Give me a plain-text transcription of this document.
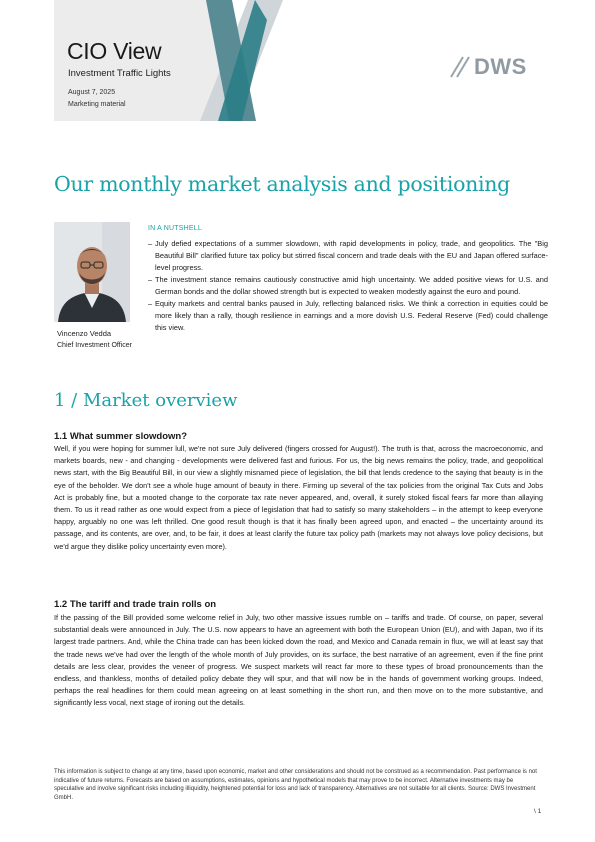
CIO View
Investment Traffic Lights
August 7, 2025
Marketing material
DWS
Our monthly market analysis and positioning
Vincenzo Vedda
Chief Investment Officer
IN A NUTSHELL
– July defied expectations of a summer slowdown, with rapid developments in policy, trade, and geopolitics. The "Big Beautiful Bill" clarified future tax policy but stirred fiscal concern and trade deals with the EU and Japan offered surface-level progress.
– The investment stance remains cautiously constructive amid high uncertainty. We added positive views for U.S. and German bonds and the dollar showed strength but is expected to weaken modestly against the euro and pound.
– Equity markets and central banks paused in July, reflecting balanced risks. We think a correction in equities could be more likely than a rally, though resilience in earnings and a more dovish U.S. Federal Reserve (Fed) could challenge this view.
1 / Market overview
1.1 What summer slowdown?

Well, if you were hoping for summer lull, we're not sure July delivered (fingers crossed for August!). The truth is that, across the macroeconomic, and markets boards, new - and changing - developments were delivered fast and furious. For us, the big news remains the policy, trade, and geopolitical news start, with the Big Beautiful Bill, in our view a slightly misnamed piece of legislation, the bill that lends credence to the saying that beauty is in the eye of the beholder. We don't see a whole huge amount of beauty in there. Firming up several of the tax policies from the original Tax Cuts and Jobs Act is probably fine, but a mooted change to the corporate tax rate never appeared, and, overall, it surely stoked fiscal fears far more than allaying them. To us it read rather as one would expect from a piece of legislation that had to satisfy so many stakeholders – in the attempt to keep everyone happy, arguably no one was left thrilled. One good result though is that it has finally been agreed upon, and enacted – the uncertainty around its passage, and its contents, are over, and, to be fair, it does at least clarify the future tax policy path (markets may not always love policy decisions, but we'd argue they dislike policy uncertainty even more).

1.2 The tariff and trade train rolls on

If the passing of the Bill provided some welcome relief in July, two other massive issues rumble on – tariffs and trade. Of course, on paper, several substantial deals were announced in July. The U.S. now appears to have an agreement with both the European Union (EU), and with Japan, two if its largest trade partners. And, while the China trade can has been kicked down the road, and Mexico and Canada remain in flux, we will at least say that the trade news we've had over the length of the whole month of July provides, on its surface, the best narrative of an agreement, even if the fine print details are less clear, provides the veneer of progress. We suspect markets will react far more to these types of broad pronouncements than the endless, and thankless, months of detailed policy debate they will spur, and that will now be in the hands of government working groups. Indeed, perhaps the real headlines for them could mean agreeing on at least something in the short run, and then move on to the more substantive, and significantly less vocal, next stage of ironing out the details.

This information is subject to change at any time, based upon economic, market and other considerations and should not be construed as a recommendation. Past performance is not indicative of future returns. Forecasts are based on assumptions, estimates, opinions and hypothetical models that may prove to be incorrect. Alternative investments may be speculative and involve significant risks including illiquidity, heightened potential for loss and lack of transparency. Alternatives are not suitable for all clients. Source: DWS Investment GmbH.

\ 1
